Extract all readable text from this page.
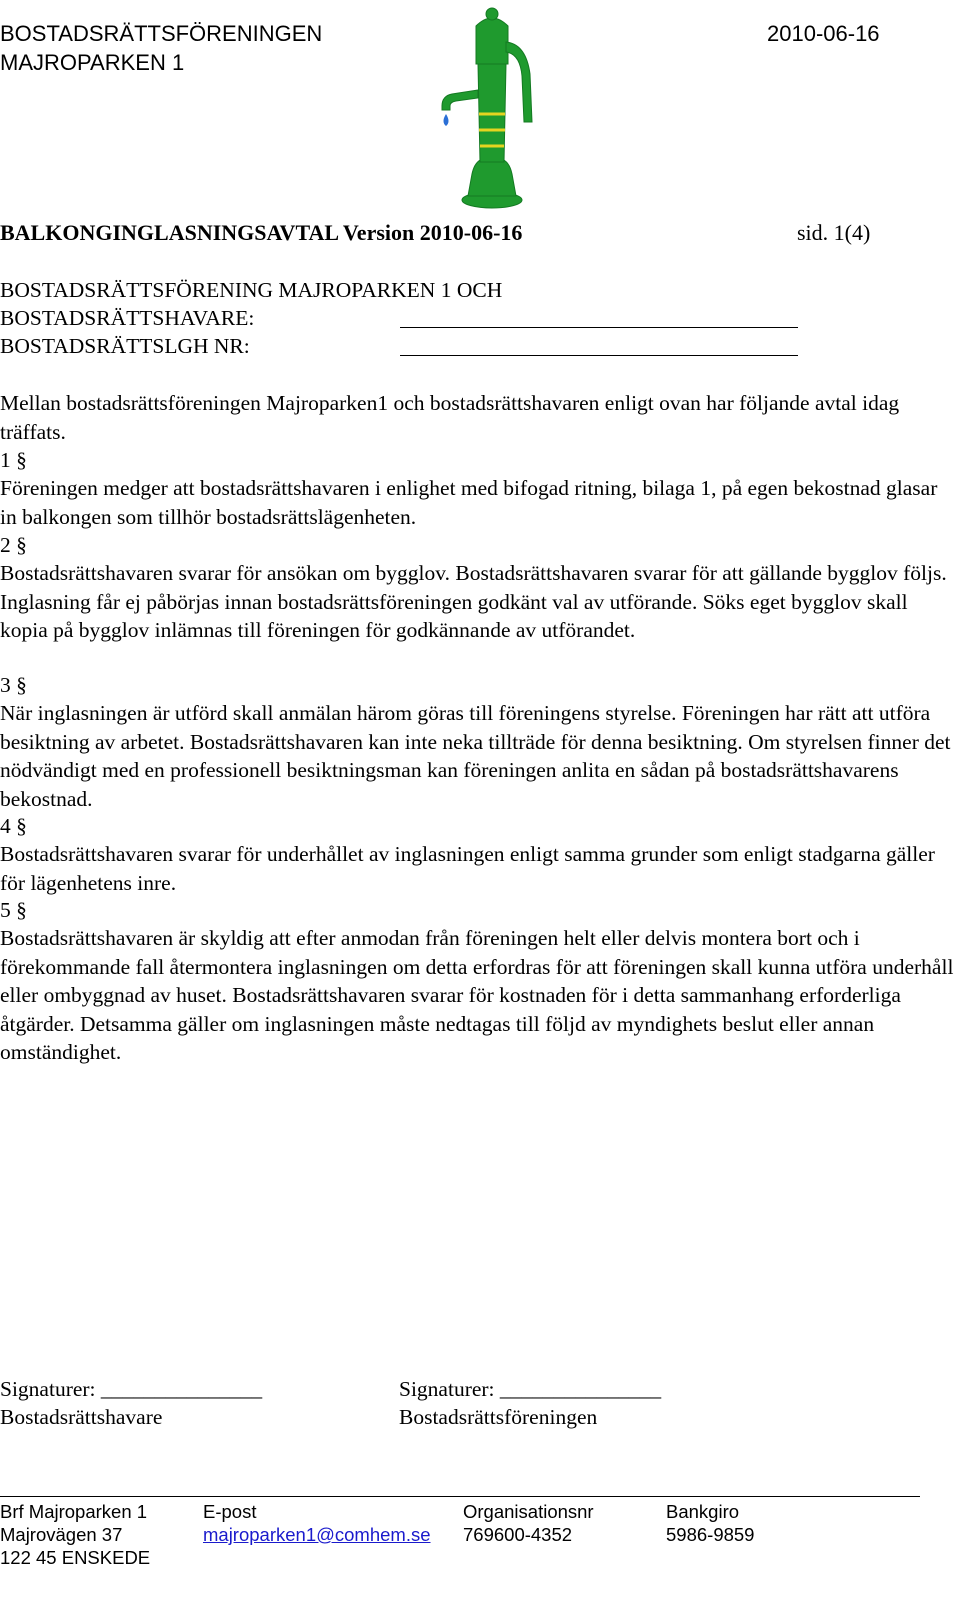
BOSTADSRÄTTSFÖRENINGEN
MAJROPARKEN 1
2010-06-16
BALKONGINGLASNINGSAVTAL Version 2010-06-16	sid. 1(4)
BOSTADSRÄTTSFÖRENING MAJROPARKEN 1 OCH
BOSTADSRÄTTSHAVARE:
BOSTADSRÄTTSLGH NR:
Mellan bostadsrättsföreningen Majroparken1 och bostadsrättshavaren enligt ovan har följande avtal idag träffats.
1 §
Föreningen medger att bostadsrättshavaren i enlighet med bifogad ritning, bilaga 1, på egen bekostnad glasar in balkongen som tillhör bostadsrättslägenheten.
2 §
Bostadsrättshavaren svarar för ansökan om bygglov. Bostadsrättshavaren svarar för att gällande bygglov följs. Inglasning får ej påbörjas innan bostadsrättsföreningen godkänt val av utförande. Söks eget bygglov skall kopia på bygglov inlämnas till föreningen för godkännande av utförandet.
3 §
När inglasningen är utförd skall anmälan härom göras till föreningens styrelse. Föreningen har rätt att utföra besiktning av arbetet. Bostadsrättshavaren kan inte neka tillträde för denna besiktning. Om styrelsen finner det nödvändigt med en professionell besiktningsman kan föreningen anlita en sådan på bostadsrättshavarens bekostnad.
4 §
Bostadsrättshavaren svarar för underhållet av inglasningen enligt samma grunder som enligt stadgarna gäller för lägenhetens inre.
5 §
Bostadsrättshavaren är skyldig att efter anmodan från föreningen helt eller delvis montera bort och i förekommande fall återmontera inglasningen om detta erfordras för att föreningen skall kunna utföra underhåll eller ombyggnad av huset. Bostadsrättshavaren svarar för kostnaden för i detta sammanhang erforderliga åtgärder. Detsamma gäller om inglasningen måste nedtagas till följd av myndighets beslut eller annan omständighet.
Signaturer: _______________
Bostadsrättshavare
Signaturer: _______________
Bostadsrättsföreningen
Brf Majroparken 1
Majrovägen 37
122 45 ENSKEDE
E-post
majroparken1@comhem.se
Organisationsnr
769600-4352
Bankgiro
5986-9859
